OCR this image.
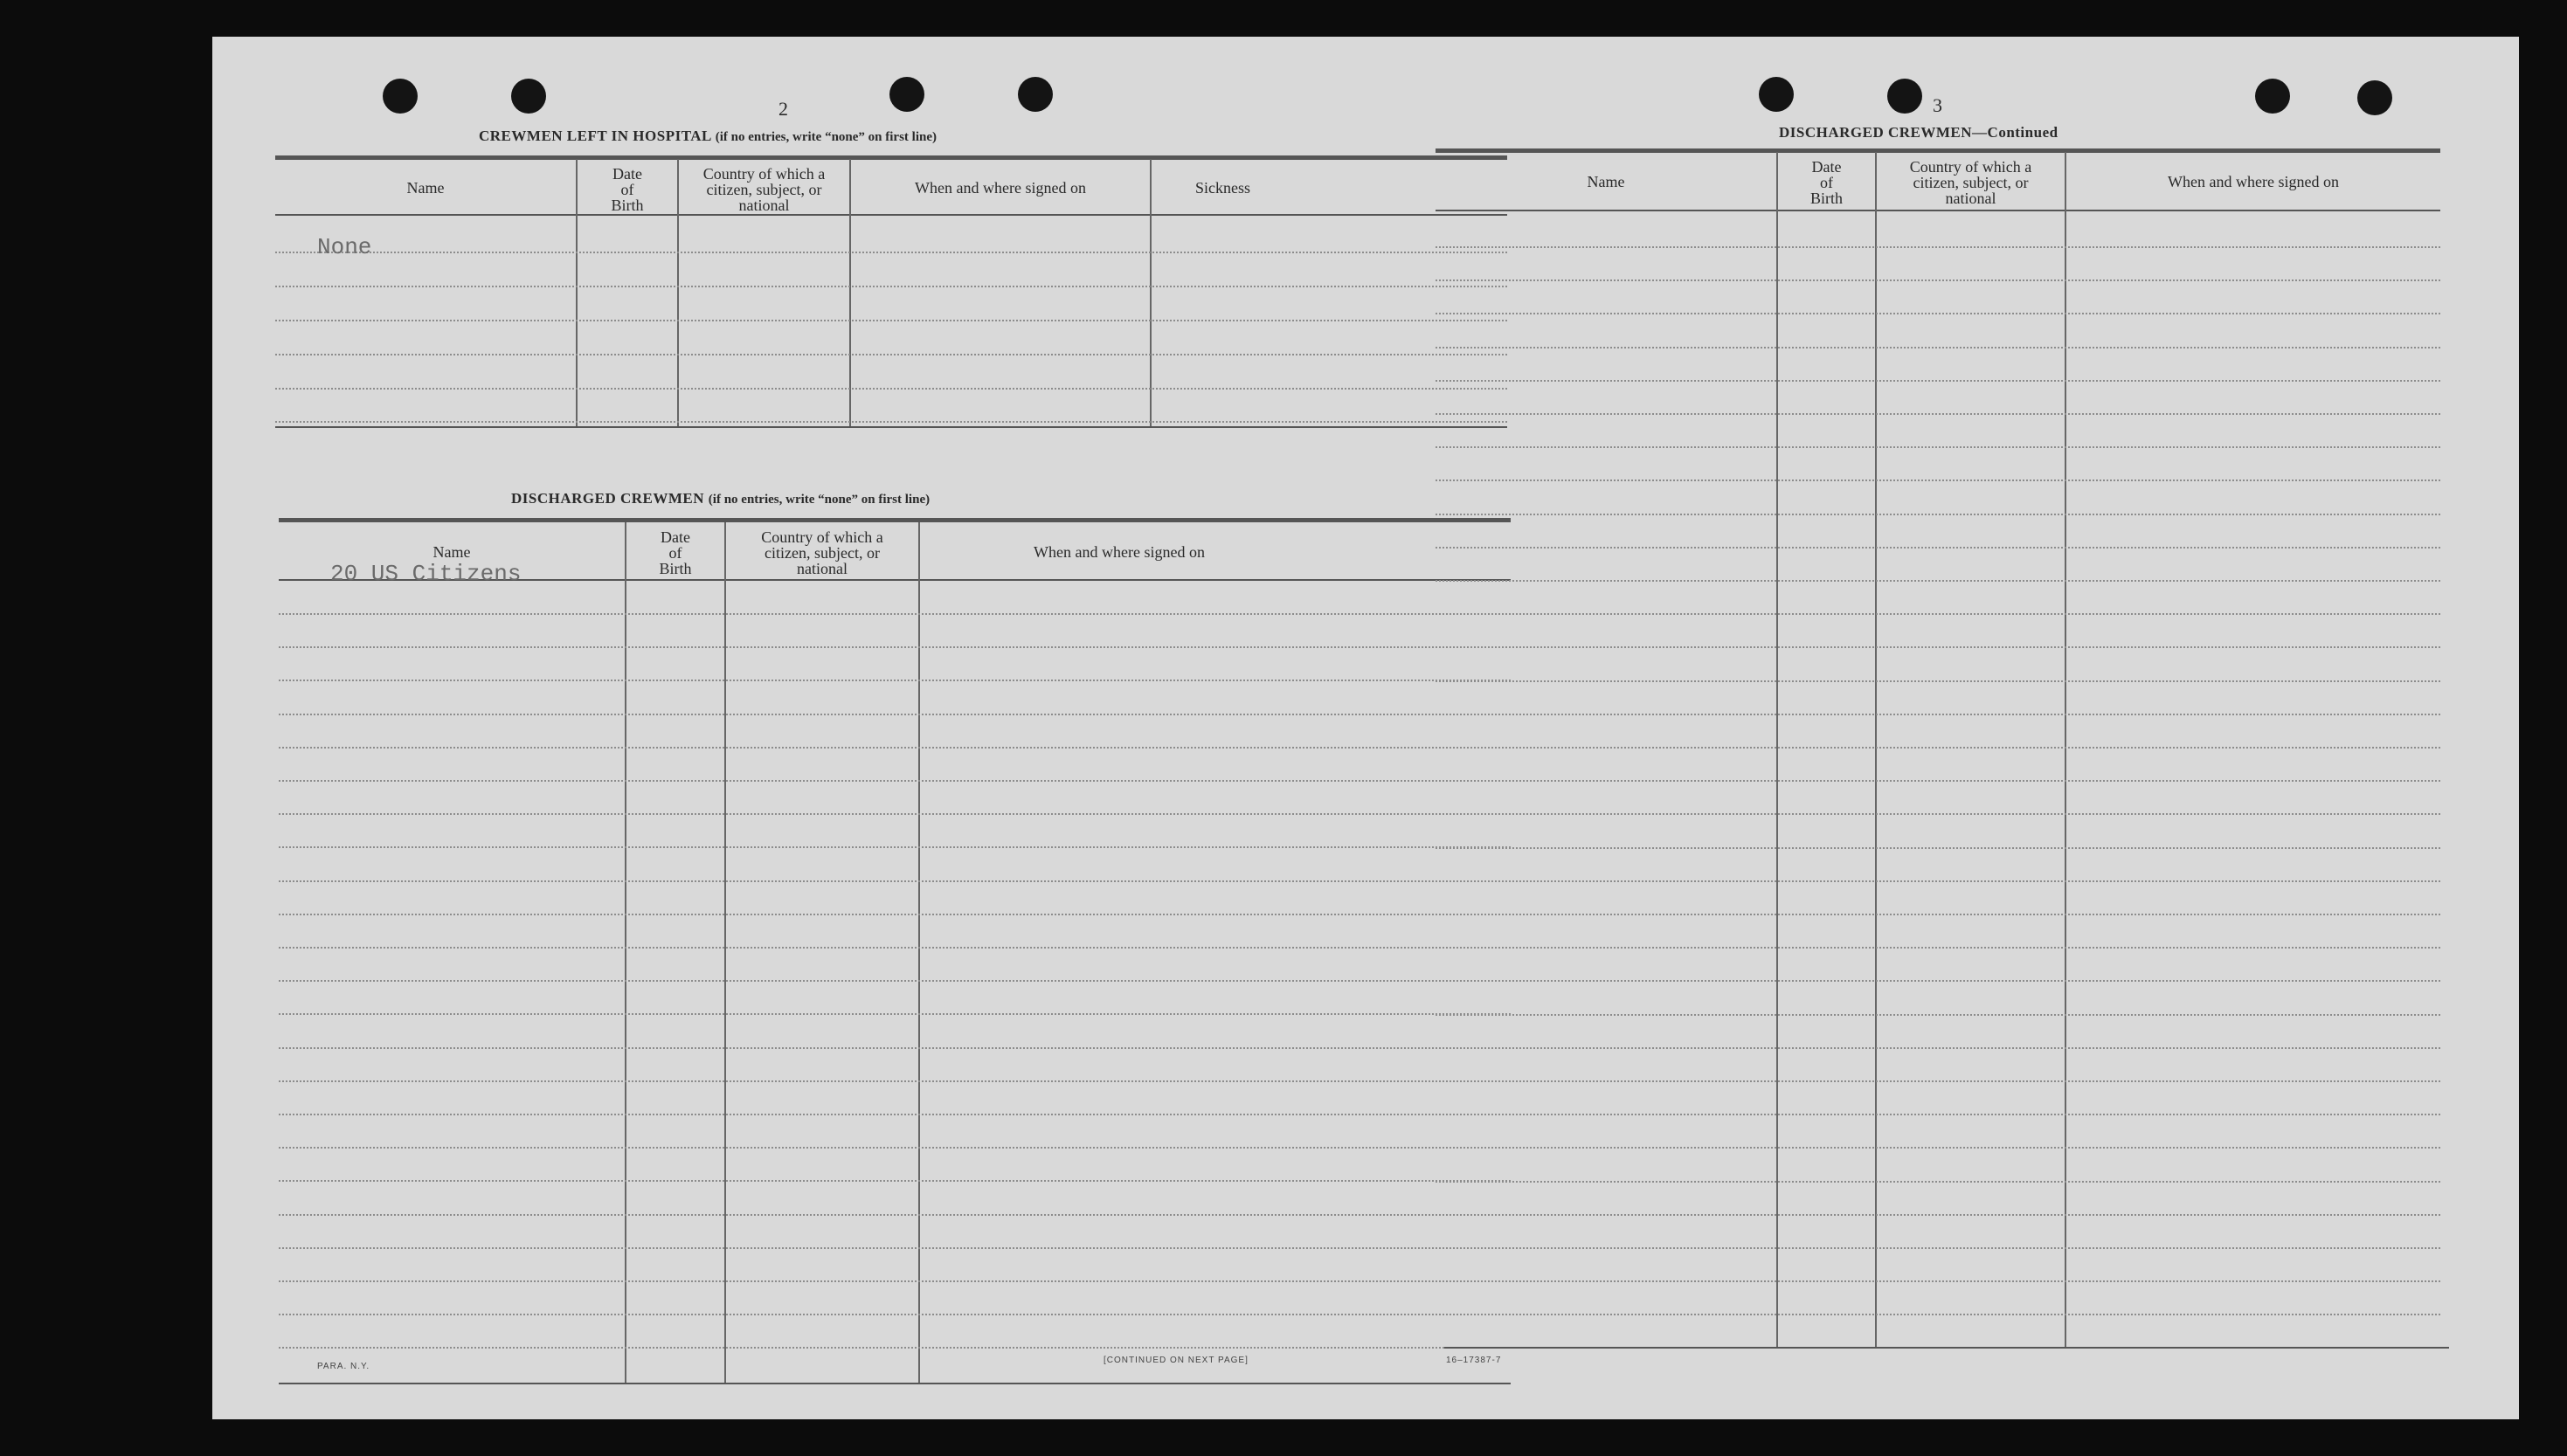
2
CREWMEN LEFT IN HOSPITAL (if no entries, write “none” on first line)
Name
Date
of
Birth
Country of which a
citizen, subject, or
national
When and where signed on	Sickness
None
DISCHARGED CREWMEN (if no entries, write “none” on first line)
Name
Date
of
Birth
Country of which a
citizen, subject, or
national
When and where signed on
20 US Citizens
PARA. N.Y.
[CONTINUED ON NEXT PAGE]
3
DISCHARGED CREWMEN—Continued
Name
Date
of
Birth
Country of which a
citizen, subject, or
national
When and where signed on
16–17387-7
